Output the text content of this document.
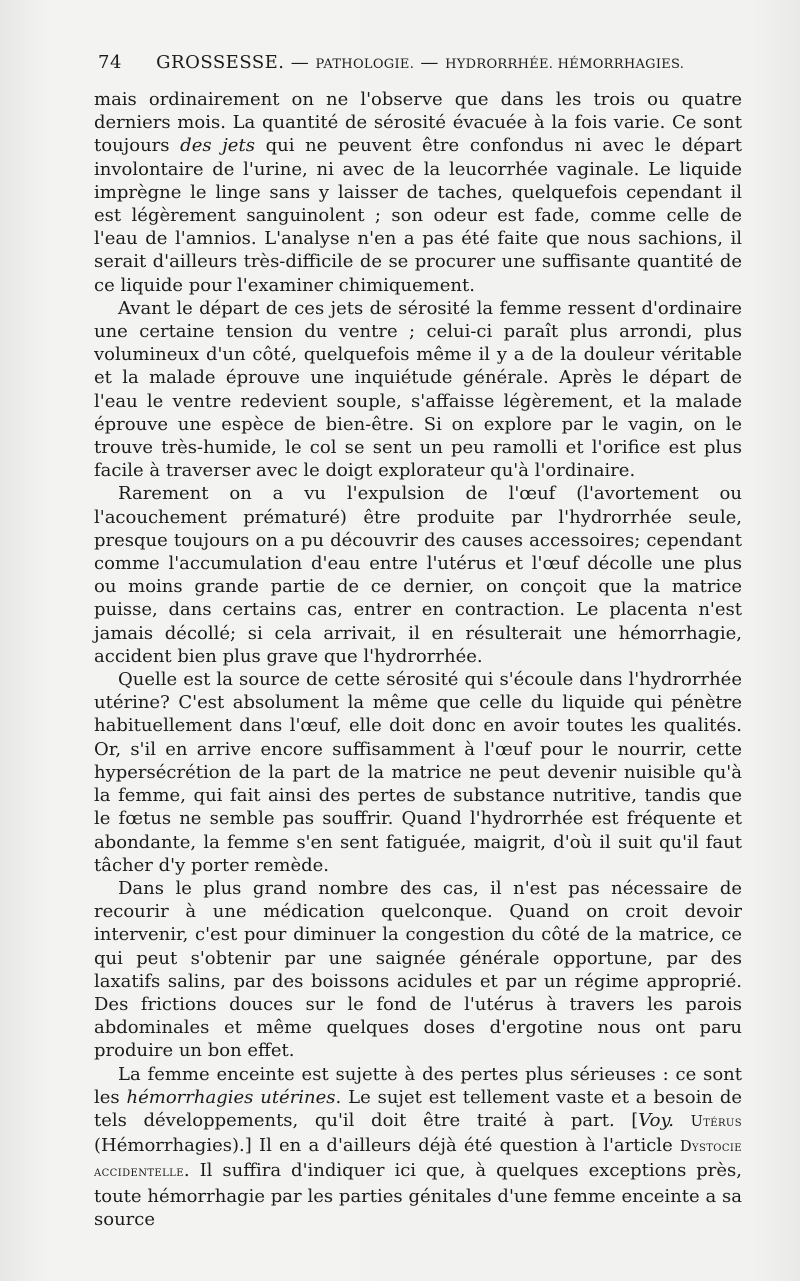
74 GROSSESSE. — PATHOLOGIE. — HYDRORRHÉE. HÉMORRHAGIES.

mais ordinairement on ne l'observe que dans les trois ou quatre derniers mois. La quantité de sérosité évacuée à la fois varie. Ce sont toujours des jets qui ne peuvent être confondus ni avec le départ involontaire de l'urine, ni avec de la leucorrhée vaginale. Le liquide imprègne le linge sans y laisser de taches, quelquefois cependant il est légèrement sanguinolent ; son odeur est fade, comme celle de l'eau de l'amnios. L'analyse n'en a pas été faite que nous sachions, il serait d'ailleurs très-difficile de se procurer une suffisante quantité de ce liquide pour l'examiner chimiquement.

Avant le départ de ces jets de sérosité la femme ressent d'ordinaire une certaine tension du ventre ; celui-ci paraît plus arrondi, plus volumineux d'un côté, quelquefois même il y a de la douleur véritable et la malade éprouve une inquiétude générale. Après le départ de l'eau le ventre redevient souple, s'affaisse légèrement, et la malade éprouve une espèce de bien-être. Si on explore par le vagin, on le trouve très-humide, le col se sent un peu ramolli et l'orifice est plus facile à traverser avec le doigt explorateur qu'à l'ordinaire.

Rarement on a vu l'expulsion de l'œuf (l'avortement ou l'acouchement prématuré) être produite par l'hydrorrhée seule, presque toujours on a pu découvrir des causes accessoires; cependant comme l'accumulation d'eau entre l'utérus et l'œuf décolle une plus ou moins grande partie de ce dernier, on conçoit que la matrice puisse, dans certains cas, entrer en contraction. Le placenta n'est jamais décollé; si cela arrivait, il en résulterait une hémorrhagie, accident bien plus grave que l'hydrorrhée.

Quelle est la source de cette sérosité qui s'écoule dans l'hydrorrhée utérine? C'est absolument la même que celle du liquide qui pénètre habituellement dans l'œuf, elle doit donc en avoir toutes les qualités. Or, s'il en arrive encore suffisamment à l'œuf pour le nourrir, cette hypersécrétion de la part de la matrice ne peut devenir nuisible qu'à la femme, qui fait ainsi des pertes de substance nutritive, tandis que le fœtus ne semble pas souffrir. Quand l'hydrorrhée est fréquente et abondante, la femme s'en sent fatiguée, maigrit, d'où il suit qu'il faut tâcher d'y porter remède.

Dans le plus grand nombre des cas, il n'est pas nécessaire de recourir à une médication quelconque. Quand on croit devoir intervenir, c'est pour diminuer la congestion du côté de la matrice, ce qui peut s'obtenir par une saignée générale opportune, par des laxatifs salins, par des boissons acidules et par un régime approprié. Des frictions douces sur le fond de l'utérus à travers les parois abdominales et même quelques doses d'ergotine nous ont paru produire un bon effet.

La femme enceinte est sujette à des pertes plus sérieuses : ce sont les hémorrhagies utérines. Le sujet est tellement vaste et a besoin de tels développements, qu'il doit être traité à part. [Voy. Utérus (Hémorrhagies).] Il en a d'ailleurs déjà été question à l'article Dystocie accidentelle. Il suffira d'indiquer ici que, à quelques exceptions près, toute hémorrhagie par les parties génitales d'une femme enceinte a sa source
